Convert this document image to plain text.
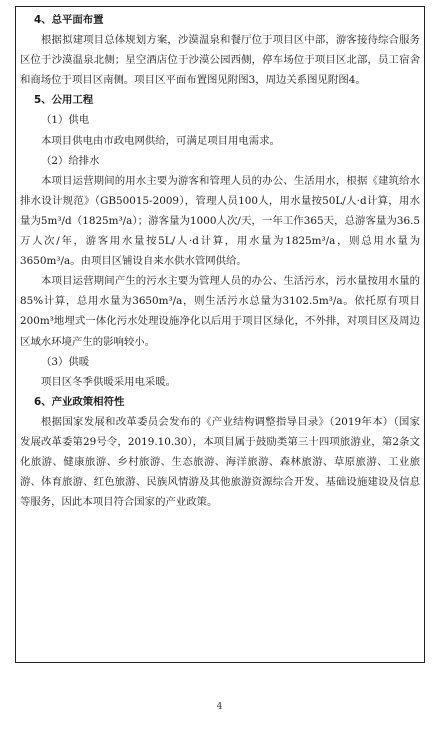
4、总平面布置

根据拟建项目总体规划方案，沙漠温泉和餐厅位于项目区中部，游客接待综合服务区位于沙漠温泉北侧；星空酒店位于沙漠公园西侧，停车场位于项目区北部，员工宿舍和商场位于项目区南侧。项目区平面布置图见附图3，周边关系图见附图4。

5、公用工程
（1）供电

本项目供电由市政电网供给，可满足项目用电需求。

（2）给排水

本项目运营期间的用水主要为游客和管理人员的办公、生活用水，根据《建筑给水排水设计规范》（GB50015-2009），管理人员100人，用水量按50L/人·d计算，用水量为5m³/d（1825m³/a）；游客量为1000人次/天，一年工作365天，总游客量为36.5万人次/年，游客用水量按5L/人·d计算，用水量为1825m³/a，则总用水量为3650m³/a。由项目区铺设自来水供水管网供给。

本项目运营期间产生的污水主要为管理人员的办公、生活污水，污水量按用水量的85%计算，总用水量为3650m³/a，则生活污水总量为3102.5m³/a。依托原有项目200m³地埋式一体化污水处理设施净化以后用于项目区绿化，不外排，对项目区及周边区域水环境产生的影响较小。

（3）供暖

项目区冬季供暖采用电采暖。

6、产业政策相符性

根据国家发展和改革委员会发布的《产业结构调整指导目录》（2019年本）（国家发展改革委第29号令，2019.10.30），本项目属于鼓励类第三十四项旅游业，第2条文化旅游、健康旅游、乡村旅游、生态旅游、海洋旅游、森林旅游、草原旅游、工业旅游、体育旅游、红色旅游、民族风情游及其他旅游资源综合开发、基础设施建设及信息等服务，因此本项目符合国家的产业政策。

4
